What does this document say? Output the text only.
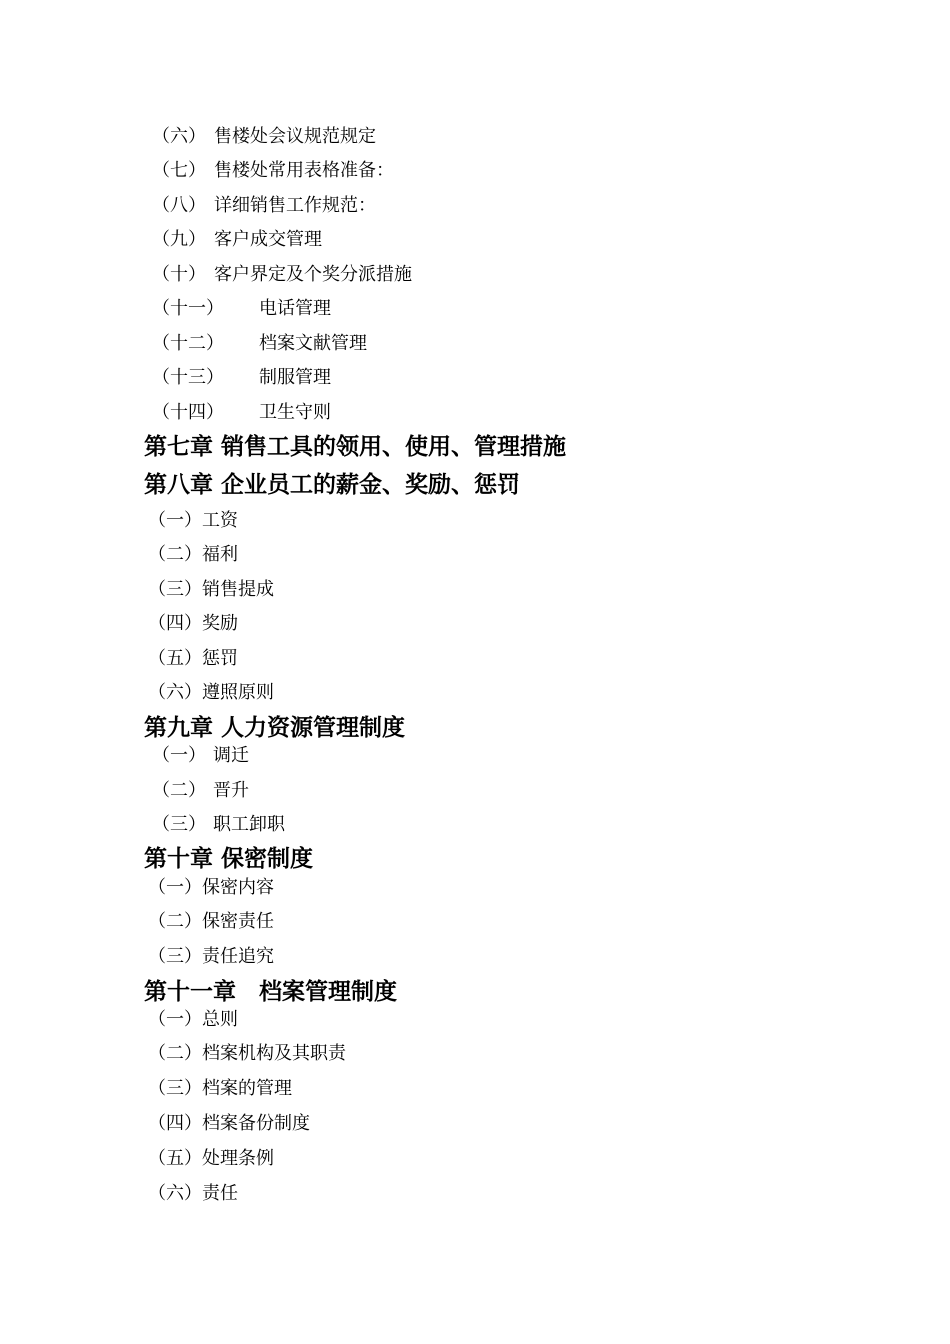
（六） 售楼处会议规范规定
（七） 售楼处常用表格准备：
（八） 详细销售工作规范：
（九） 客户成交管理
（十） 客户界定及个奖分派措施
（十一）	电话管理
（十二）	档案文献管理
（十三）	制服管理
（十四）	卫生守则
第七章 销售工具的领用、使用、管理措施
第八章 企业员工的薪金、奖励、惩罚
（一） 工资
（二） 福利
（三） 销售提成
（四） 奖励
（五） 惩罚
（六） 遵照原则
第九章 人力资源管理制度
（一） 调迁
（二） 晋升
（三） 职工卸职
第十章 保密制度
（一） 保密内容
（二） 保密责任
（三） 责任追究
第十一章　档案管理制度
（一） 总则
（二） 档案机构及其职责
（三） 档案的管理
（四） 档案备份制度
（五） 处理条例
（六） 责任
